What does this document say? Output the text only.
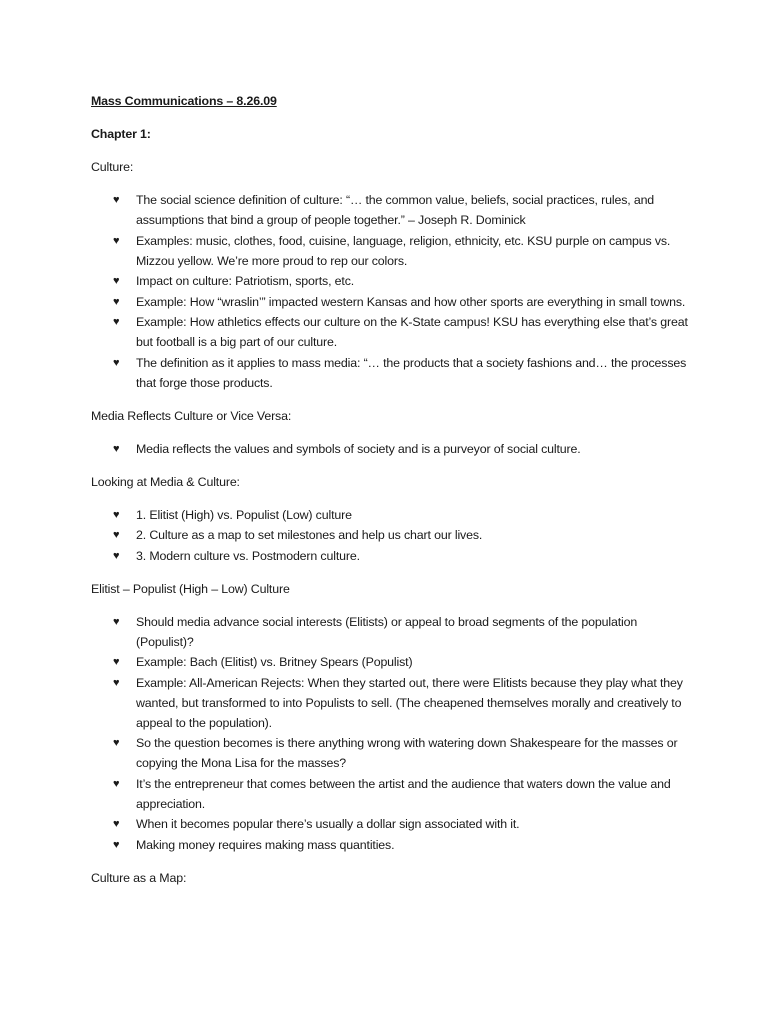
Mass Communications – 8.26.09
Chapter 1:
Culture:
♥ The social science definition of culture: “… the common value, beliefs, social practices, rules, and assumptions that bind a group of people together.” – Joseph R. Dominick
♥ Examples: music, clothes, food, cuisine, language, religion, ethnicity, etc. KSU purple on campus vs. Mizzou yellow. We’re more proud to rep our colors.
♥ Impact on culture: Patriotism, sports, etc.
♥ Example: How “wraslin’” impacted western Kansas and how other sports are everything in small towns.
♥ Example: How athletics effects our culture on the K-State campus! KSU has everything else that’s great but football is a big part of our culture.
♥ The definition as it applies to mass media: “… the products that a society fashions and… the processes that forge those products.
Media Reflects Culture or Vice Versa:
♥ Media reflects the values and symbols of society and is a purveyor of social culture.
Looking at Media & Culture:
♥ 1. Elitist (High) vs. Populist (Low) culture
♥ 2. Culture as a map to set milestones and help us chart our lives.
♥ 3. Modern culture vs. Postmodern culture.
Elitist – Populist (High – Low) Culture
♥ Should media advance social interests (Elitists) or appeal to broad segments of the population (Populist)?
♥ Example: Bach (Elitist) vs. Britney Spears (Populist)
♥ Example: All-American Rejects: When they started out, there were Elitists because they play what they wanted, but transformed to into Populists to sell. (The cheapened themselves morally and creatively to appeal to the population).
♥ So the question becomes is there anything wrong with watering down Shakespeare for the masses or copying the Mona Lisa for the masses?
♥ It’s the entrepreneur that comes between the artist and the audience that waters down the value and appreciation.
♥ When it becomes popular there’s usually a dollar sign associated with it.
♥ Making money requires making mass quantities.
Culture as a Map:
